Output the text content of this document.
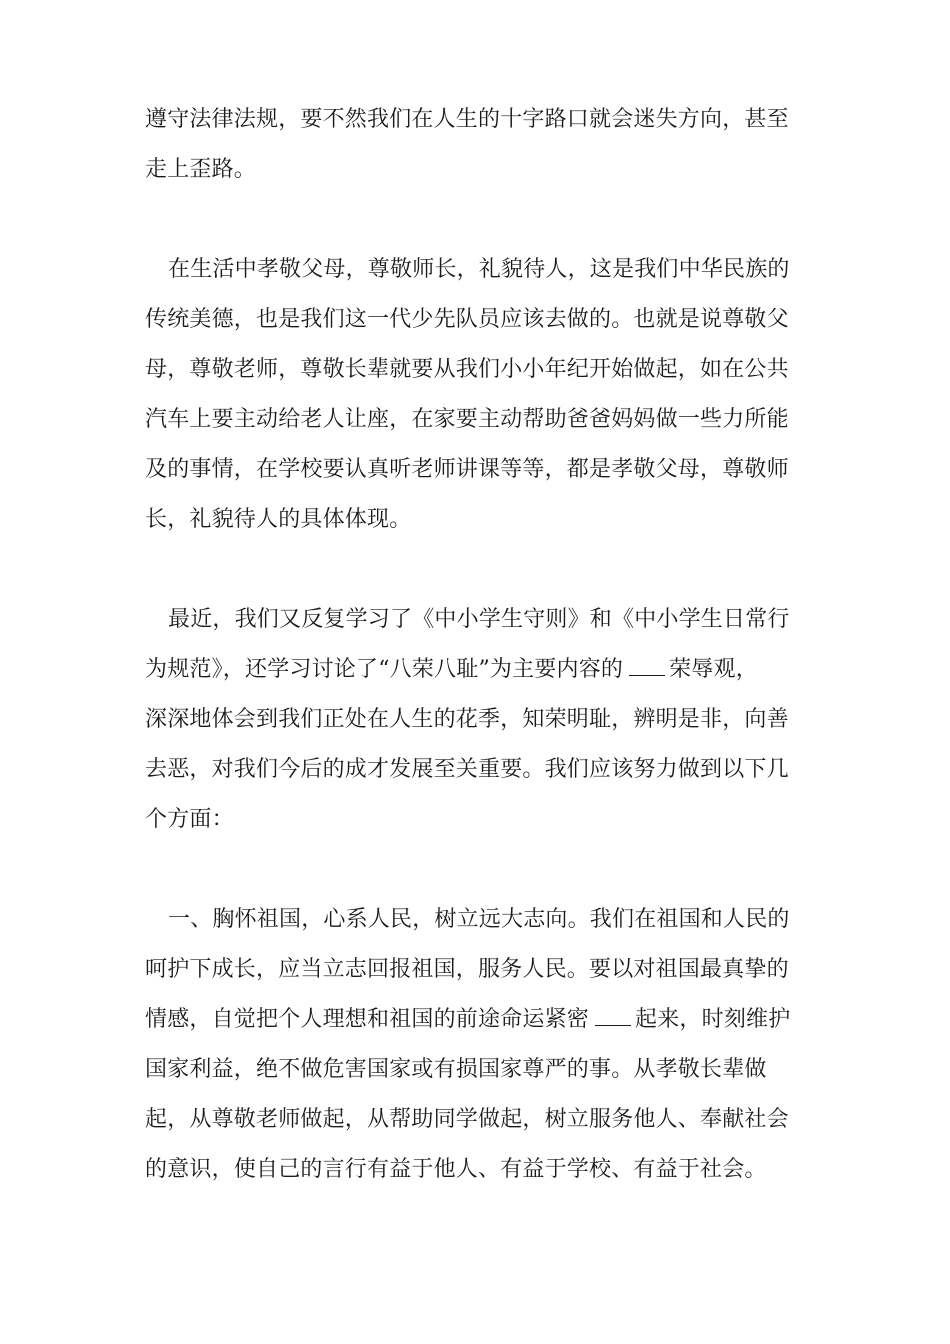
遵守法律法规，要不然我们在人生的十字路口就会迷失方向，甚至
走上歪路。
在生活中孝敬父母，尊敬师长，礼貌待人，这是我们中华民族的
传统美德，也是我们这一代少先队员应该去做的。也就是说尊敬父
母，尊敬老师，尊敬长辈就要从我们小小年纪开始做起，如在公共
汽车上要主动给老人让座，在家要主动帮助爸爸妈妈做一些力所能
及的事情，在学校要认真听老师讲课等等，都是孝敬父母，尊敬师
长，礼貌待人的具体体现。
最近，我们又反复学习了《中小学生守则》和《中小学生日常行
为规范》，还学习讨论了“八荣八耻”为主要内容的 荣辱观，
深深地体会到我们正处在人生的花季，知荣明耻，辨明是非，向善
去恶，对我们今后的成才发展至关重要。我们应该努力做到以下几
个方面：
一、胸怀祖国，心系人民，树立远大志向。我们在祖国和人民的
呵护下成长，应当立志回报祖国，服务人民。要以对祖国最真挚的
情感，自觉把个人理想和祖国的前途命运紧密 起来，时刻维护
国家利益，绝不做危害国家或有损国家尊严的事。从孝敬长辈做
起，从尊敬老师做起，从帮助同学做起，树立服务他人、奉献社会
的意识，使自己的言行有益于他人、有益于学校、有益于社会。
